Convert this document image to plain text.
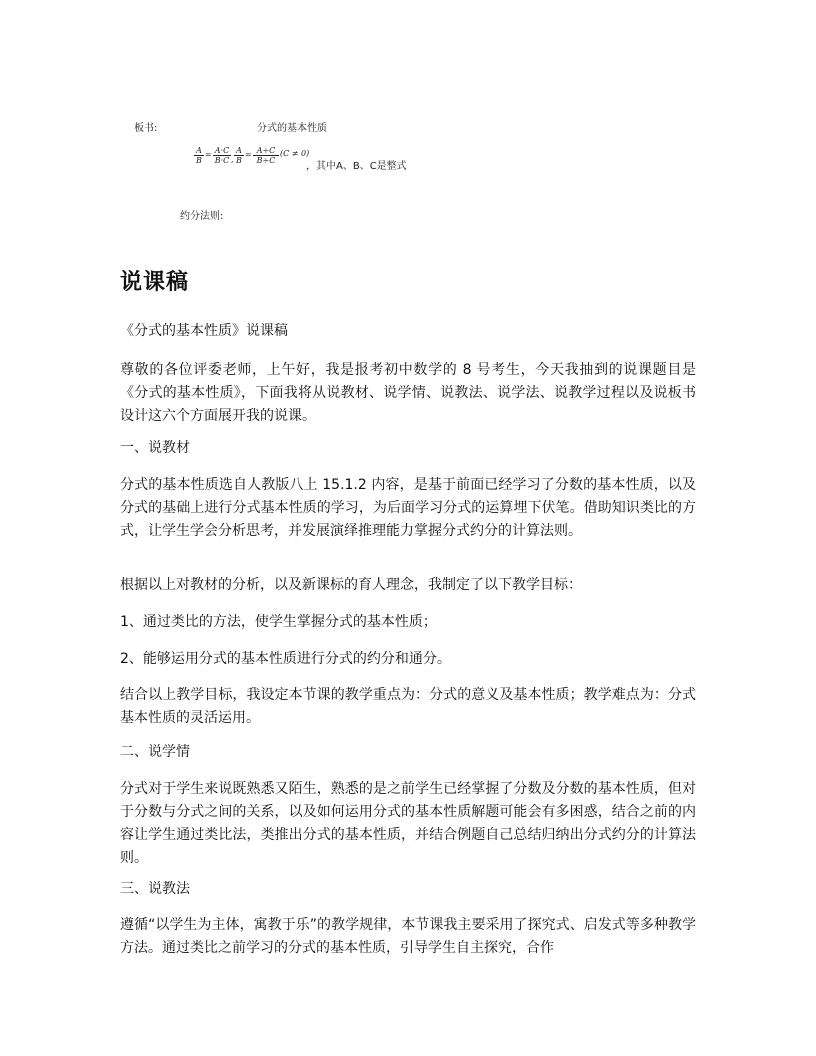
板书:	分式的基本性质
$\frac{A}{B} = \frac{A\cdot C}{B\cdot C}$ , $\frac{A}{B} = \frac{A\div C}{B\div C} (C \ne 0)$
，其中A、B、C是整式
约分法则:
说课稿
《分式的基本性质》说课稿
尊敬的各位评委老师，上午好，我是报考初中数学的 8 号考生，今天我抽到的说课题目是《分式的基本性质》，下面我将从说教材、说学情、说教法、说学法、说教学过程以及说板书设计这六个方面展开我的说课。
一、说教材
分式的基本性质选自人教版八上 15.1.2 内容，是基于前面已经学习了分数的基本性质，以及分式的基础上进行分式基本性质的学习，为后面学习分式的运算埋下伏笔。借助知识类比的方式，让学生学会分析思考，并发展演绎推理能力掌握分式约分的计算法则。
根据以上对教材的分析，以及新课标的育人理念，我制定了以下教学目标：
1、通过类比的方法，使学生掌握分式的基本性质；
2、能够运用分式的基本性质进行分式的约分和通分。
结合以上教学目标，我设定本节课的教学重点为：分式的意义及基本性质；教学难点为：分式基本性质的灵活运用。
二、说学情
分式对于学生来说既熟悉又陌生，熟悉的是之前学生已经掌握了分数及分数的基本性质，但对于分数与分式之间的关系，以及如何运用分式的基本性质解题可能会有多困惑，结合之前的内容让学生通过类比法，类推出分式的基本性质，并结合例题自己总结归纳出分式约分的计算法则。
三、说教法
遵循“以学生为主体，寓教于乐”的教学规律，本节课我主要采用了探究式、启发式等多种教学方法。通过类比之前学习的分式的基本性质，引导学生自主探究，合作
